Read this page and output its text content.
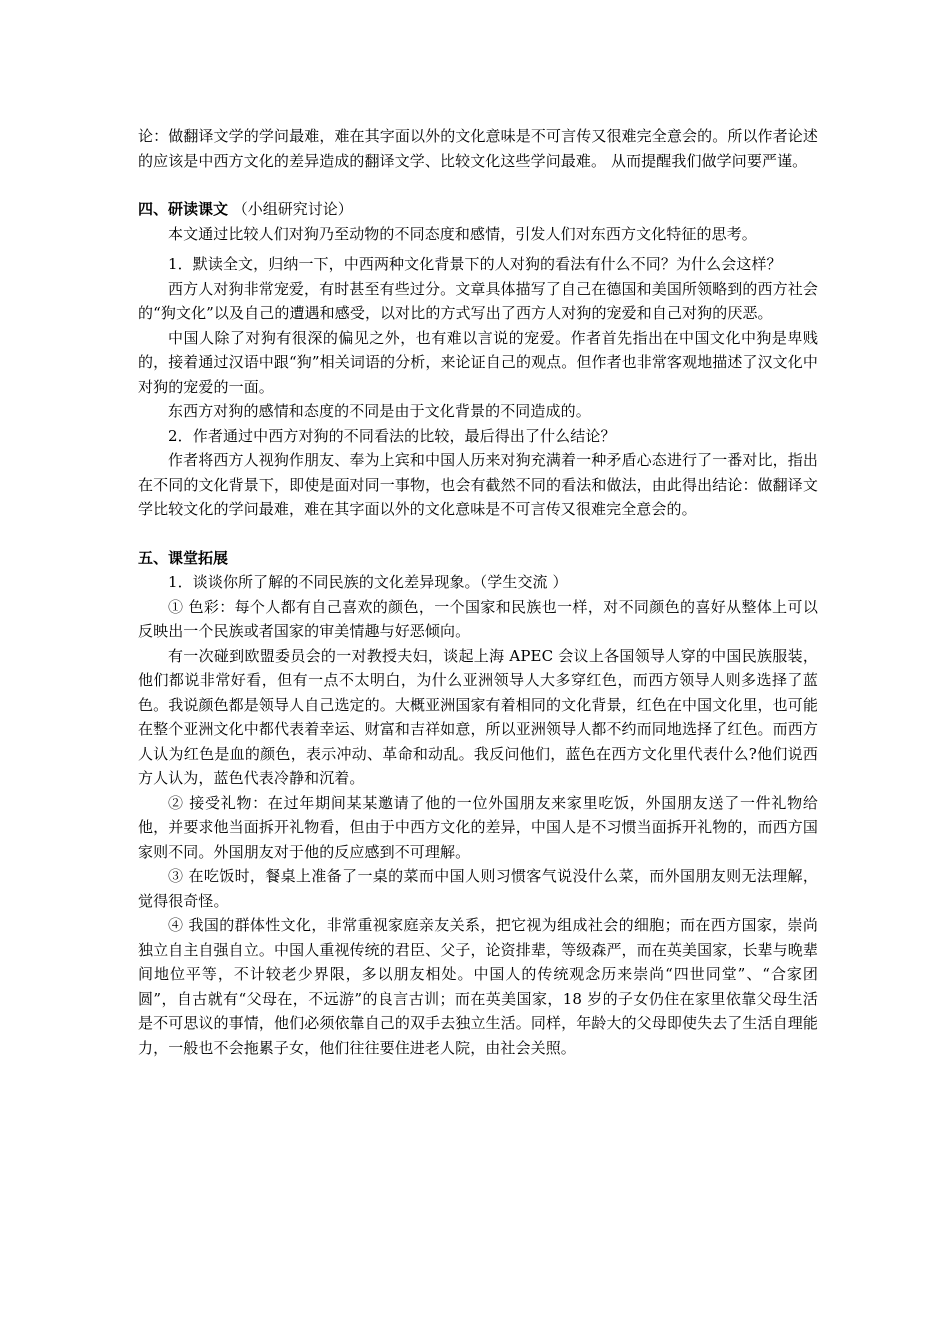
论：做翻译文学的学问最难，难在其字面以外的文化意味是不可言传又很难完全意会的。所以作者论述的应该是中西方文化的差异造成的翻译文学、比较文化这些学问最难。 从而提醒我们做学问要严谨。

四、研读课文 （小组研究讨论）

本文通过比较人们对狗乃至动物的不同态度和感情，引发人们对东西方文化特征的思考。

1．默读全文，归纳一下，中西两种文化背景下的人对狗的看法有什么不同？为什么会这样？

西方人对狗非常宠爱，有时甚至有些过分。文章具体描写了自己在德国和美国所领略到的西方社会的“狗文化”以及自己的遭遇和感受，以对比的方式写出了西方人对狗的宠爱和自己对狗的厌恶。

中国人除了对狗有很深的偏见之外，也有难以言说的宠爱。作者首先指出在中国文化中狗是卑贱的，接着通过汉语中跟“狗”相关词语的分析，来论证自己的观点。但作者也非常客观地描述了汉文化中对狗的宠爱的一面。

东西方对狗的感情和态度的不同是由于文化背景的不同造成的。

2．作者通过中西方对狗的不同看法的比较，最后得出了什么结论？

作者将西方人视狗作朋友、奉为上宾和中国人历来对狗充满着一种矛盾心态进行了一番对比，指出在不同的文化背景下，即使是面对同一事物，也会有截然不同的看法和做法，由此得出结论：做翻译文学比较文化的学问最难，难在其字面以外的文化意味是不可言传又很难完全意会的。

五、课堂拓展

1．谈谈你所了解的不同民族的文化差异现象。（学生交流 ）

① 色彩：每个人都有自己喜欢的颜色，一个国家和民族也一样，对不同颜色的喜好从整体上可以反映出一个民族或者国家的审美情趣与好恶倾向。

有一次碰到欧盟委员会的一对教授夫妇，谈起上海 APEC 会议上各国领导人穿的中国民族服装，他们都说非常好看，但有一点不太明白，为什么亚洲领导人大多穿红色，而西方领导人则多选择了蓝色。我说颜色都是领导人自己选定的。大概亚洲国家有着相同的文化背景，红色在中国文化里，也可能在整个亚洲文化中都代表着幸运、财富和吉祥如意，所以亚洲领导人都不约而同地选择了红色。而西方人认为红色是血的颜色，表示冲动、革命和动乱。我反问他们，蓝色在西方文化里代表什么?他们说西方人认为，蓝色代表冷静和沉着。

② 接受礼物：在过年期间某某邀请了他的一位外国朋友来家里吃饭，外国朋友送了一件礼物给他，并要求他当面拆开礼物看，但由于中西方文化的差异，中国人是不习惯当面拆开礼物的，而西方国家则不同。外国朋友对于他的反应感到不可理解。

③ 在吃饭时，餐桌上准备了一桌的菜而中国人则习惯客气说没什么菜，而外国朋友则无法理解，觉得很奇怪。

④ 我国的群体性文化，非常重视家庭亲友关系，把它视为组成社会的细胞；而在西方国家，崇尚独立自主自强自立。中国人重视传统的君臣、父子，论资排辈，等级森严，而在英美国家，长辈与晚辈间地位平等，不计较老少界限，多以朋友相处。中国人的传统观念历来崇尚“四世同堂”、“合家团圆”，自古就有“父母在，不远游”的良言古训；而在英美国家，18 岁的子女仍住在家里依靠父母生活是不可思议的事情，他们必须依靠自己的双手去独立生活。同样，年龄大的父母即使失去了生活自理能力，一般也不会拖累子女，他们往往要住进老人院，由社会关照。
